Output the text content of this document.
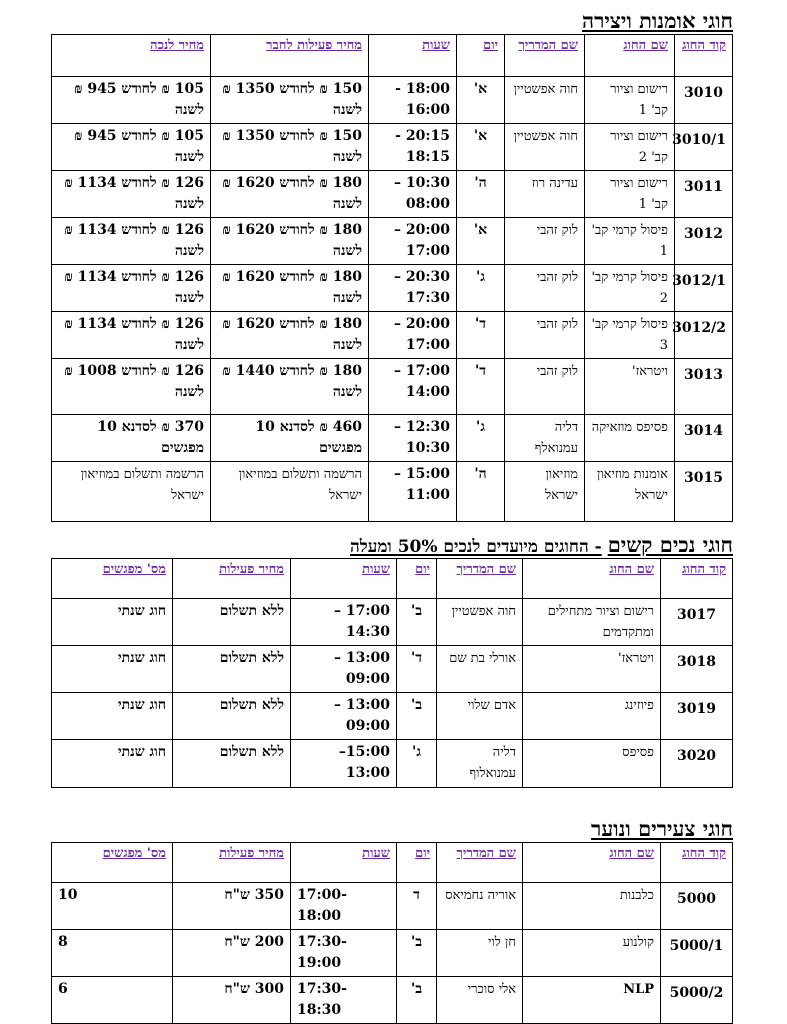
חוגי אומנות ויצירה
קוד החוג	שם החוג	שם המדריך	יום	שעות	מחיר פעילות לחבר	מחיר לנכה
3010	רישום וציור קב' 1	חוה אפשטיין	א'	18:00 - 16:00	150 ₪ לחודש 1350 ₪ לשנה	105 ₪ לחודש 945 ₪ לשנה
3010/1	רישום וציור קב' 2	חוה אפשטיין	א'	20:15 - 18:15	150 ₪ לחודש 1350 ₪ לשנה	105 ₪ לחודש 945 ₪ לשנה
3011	רישום וציור קב' 1	עדינה רוז	ה'	10:30 – 08:00	180 ₪ לחודש 1620 ₪ לשנה	126 ₪ לחודש 1134 ₪ לשנה
3012	פיסול קרמי קב' 1	לוק זהבי	א'	20:00 – 17:00	180 ₪ לחודש 1620 ₪ לשנה	126 ₪ לחודש 1134 ₪ לשנה
3012/1	פיסול קרמי קב' 2	לוק זהבי	ג'	20:30 – 17:30	180 ₪ לחודש 1620 ₪ לשנה	126 ₪ לחודש 1134 ₪ לשנה
3012/2	פיסול קרמי קב' 3	לוק זהבי	ד'	20:00 – 17:00	180 ₪ לחודש 1620 ₪ לשנה	126 ₪ לחודש 1134 ₪ לשנה
3013	ויטראז'	לוק זהבי	ד'	17:00 – 14:00	180 ₪ לחודש 1440 ₪ לשנה	126 ₪ לחודש 1008 ₪ לשנה
3014	פסיפס מוזאיקה	דליה עמנואלף	ג'	12:30 – 10:30	460 ₪ לסדנא 10 מפגשים	370 ₪ לסדנא 10 מפגשים
3015	אומנות מוזיאון ישראל	מוזיאון ישראל	ה'	15:00 – 11:00	הרשמה ותשלום במוזיאון ישראל	הרשמה ותשלום במוזיאון ישראל
חוגי נכים קשים- החוגים מיועדים לנכים 50% ומעלה
קוד החוג	שם החוג	שם המדריך	יום	שעות	מחיר פעילות	מס' מפגשים
3017	רישום וציור מתחילים ומתקדמים	חוה אפשטיין	ב'	17:00 – 14:30	ללא תשלום	חוג שנתי
3018	ויטראז'	אורלי בת שם	ד'	13:00 – 09:00	ללא תשלום	חוג שנתי
3019	פיוזינג	אדם שלוי	ב'	13:00 – 09:00	ללא תשלום	חוג שנתי
3020	פסיפס	דליה עמנואלוף	ג'	15:00– 13:00	ללא תשלום	חוג שנתי
חוגי צעירים ונוער
קוד החוג	שם החוג	שם המדריך	יום	שעות	מחיר פעילות	מס' מפגשים
5000	כלבנות	אוריה נחמיאס	ד	17:00-18:00	350 ש"ח	10
5000/1	קולנוע	חן לוי	ב'	17:30-19:00	200 ש"ח	8
5000/2	NLP	אלי סוכרי	ב'	17:30-18:30	300 ש"ח	6
